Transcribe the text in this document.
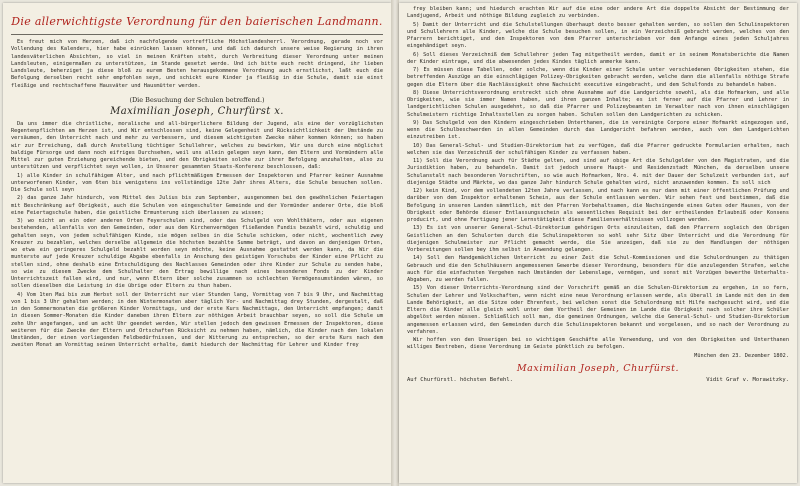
Die allerwichtigste Verordnung für den baierischen Landmann.

Es freut mich von Herzen, daß ich nachfolgende vortreffliche Höchstlandesherrl. Verordnung, gerade noch vor Vollendung des Kalenders, hier habe einrücken lassen können, und daß ich dadurch unsere weise Regierung in ihren landesväterlichen Absichten, so viel in meinen Kräften steht, durch Verbreitung dieser Verordnung unter meinen Landsleuten, einigermaßen zu unterstützen, im Stande gesetzt werde. Und ich bitte euch recht dringend, ihr lieben Landsleute, beherziget ja diese bloß zu eurem Besten herausgekommene Verordnung auch ernstlichst, laßt euch die Befolgung derselben recht sehr empfohlen seyn, und schickt eure Kinder ja fleißig in die Schule, damit sie einst fleißige und rechtschaffene Hausväter und Hausmütter werden.

(Die Besuchung der Schulen betreffend.)
Maximilian Joseph, Churfürst x.

Da uns immer die christliche, moralische und all-bürgerlichere Bildung der Jugend, als eine der vorzüglichsten Regentenpflichten am Herzen ist, und Wir entschlossen sind, keine Gelegenheit und Rücksichtlichkeit der Umstände zu versäumen, den Unterricht nach und mehr zu verbessern, und diesem wichtigsten Zwecke näher kommen können; so haben wir zur Erreichung, daß durch Anstellung tüchtiger Schullehrer, welches zu bewirken, Wir uns durch eine möglichst baldige Fürsorge und dann noch eifriges Durchsehen, weil uns allein gelegen seyn kann, den Eltern und Vormündern alle Mittel zur guten Erziehung gereichende bieten, und den Obrigkeiten solche zur ihrer Befolgung anzuhalten, also zu unterstützen und verpflichtet seyn wollen, in Unserer gesammten Staats-Konferenz beschlossen, daß:

1) alle Kinder in schulfähigem Alter, und nach pflichtmäßigem Ermessen der Inspektoren und Pfarrer keiner Ausnahme unterworfenen Kinder, vom 6ten bis wenigstens ins vollständige 12te Jahr ihres Alters, die Schule besuchen sollen. Die Schule soll seyn

2) das ganze Jahr hindurch, vom Mittel des Julius bis zum September, ausgenommen bei den gewöhnlichen Feiertagen mit Beschränkung auf Obrigkeit, auch die Schulen von eingeschulter Gemeinde und der Vormünder anderer Orte, die bloß eine Feiertagschule haben, die geistliche Ermunterung sich überlassen zu wissen;

3) wo nicht an ein oder anderen Orten Feyerschulen sind, oder das Schulgeld von Wohlthätern, oder aus eigenen bestehenden, allenfalls von den Gemeinden, oder aus dem Kirchenvermögen fließenden Fundis bezahlt wird, schuldig und gehalten seyn, von jedem schulfähigen Kinde, sie mögen selbes in die Schule schicken, oder nicht, wochentlich zwey Kreuzer zu bezahlen, welches derselbe allgemein die höchsten bezahlte Summe beträgt, und davon an denjenigen Orten, wo etwa ein geringeres Schulgeld bezahlt worden seyn möchte, keine Ausnahme gestattet werden kann, da Wir die munterste auf jede Kreuzer schuldige Abgabe ebenfalls in Anschung des geistigen Vorschubs der Kinder eine Pflicht zu stellen sind, ohne deshalb eine Entschuldigung des Nachlasses Gemeinden oder ihre Kinder zur Schule zu senden habe, so wie zu diesem Zwecke dem Schulhalter den Ertrag bewillige nach eines besonderen Fonds zu der Kinder Unterrichtszeit fallen wird, und nur, wenn Eltern über solche zusammen so schlechten Vermögensumständen wären, so sollen dieselben die Leistung in die übrige oder Eltern zu thun haben.

4) Vom 1ten Mai bis zum Herbst soll der Unterricht nur vier Stunden lang, Vormittag von 7 bis 9 Uhr, und Nachmittag von 1 bis 3 Uhr gehalten werden; in den Wintermonaten aber täglich Vor- und Nachmittag drey Stunden, dergestalt, daß in den Sommermonaten die größeren Kinder Vormittags, und der erste Kurs Nachmittags, den Unterricht empfangen; damit in diesen Sommer-Monaten die Kinder daneben ihren Eltern zur nöthigen Arbeit brauchbar seyen, so soll die Schule um zehn Uhr angefangen, und um acht Uhr geendet werden, Wir stellen jedoch dem gewissen Ermessen der Inspektoren, diese weiteren für die Zwecke der Eltern und Ortschaften Rücksicht zu nehmen haben, nämlich, die Kinder nach den lokalen Umständen, der einen vorliegenden Feldbedürfnissen, und der Witterung zu entsprechen, so der erste Kurs nach dem zweiten Monat am Vormittag seinen Unterricht erhalte, damit hiedurch der Nachmittag für Lehrer und Kinder frey

frey bleiben kann; und hiedurch erachten Wir auf die eine oder andere Art die doppelte Absicht der Bestimmung der Landjugend, Arbeit und nöthige Bildung zugleich zu verbinden.

5) Damit der Unterricht und die Schulstellungen überhaupt desto besser gehalten werden, so sollen den Schulinspektoren und Schullehrern alle Kinder, welche die Schule besuchen sollen, in ein Verzeichniß gebracht werden, welches von den Pfarrern berichtiget, und den Inspektoren von dem Pfarrer unterschrieben vor dem Anfange eines jeden Schuljahres eingehändiget seyn.

6) Soll dieses Verzeichniß dem Schullehrer jeden Tag mitgetheilt werden, damit er in seinem Monatsberichte die Namen der Kinder eintrage, und die abwesenden jedes Kindes täglich anmerke kann.

7) Es müssen diese Tabellen, oder solche, wenn die Kinder einer Schule unter verschiedenen Obrigkeiten stehen, die betreffenden Auszüge an die einschlägigen Polizey-Obrigkeiten gebracht werden, welche dann die allenfalls nöthige Strafe gegen die Eltern über die Nachlässigkeit ohne Nachsicht executive eingebracht, und dem Schulfonds zu behandeln haben.

8) Diese Unterrichtsverordnung erstreckt sich ohne Ausnahme auf die Landgerichte sowohl, als die Hofmarken, und alle Obrigkeiten, wie sie immer Namen haben, und ihren ganzen Inhalte; es ist ferner auf die Pfarrer und Lehrer in landgerichtlichen Schulen ausgedehnt, so daß die Pfarrer und Polizeybeamten im Verwalter nach von ihnen einschlägigen Schulmeistern richtige Inhaltsstellen zu sorgen haben. Schulen sollen den Landgerichten zu schicken.

9) Das Schulgeld von den Kindern eingeschrieben Unterthanen, die in vereinigte Corpore einer Hofmarkt eingezogen und, wenn die Schulbeschwerden in allen Gemeinden durch das Landgericht befahren werden, auch von den Landgerichten einzutreiben ist.

10) Das General-Schul- und Studien-Direktorium hat zu verfügen, daß die Pfarrer gedruckte Formularien erhalten, nach welchen sie das Verzeichniß der schulfähigen Kinder zu verfassen haben.

11) Soll die Verordnung auch für Städte gelten, und sind auf obige Art die Schulgelder von den Magistraten, und die Jurisdiktion haben, zu behandeln. Damit ist jedoch unsere Haupt- und Residenzstadt München, da derselben unsere Schulanstalt nach besonderen Vorschriften, so wie auch Hofmarken, Nro. 4. mit der Dauer der Schulzeit verbunden ist, auf diejenige Städte und Märkte, wo das ganze Jahr hindurch Schule gehalten wird, nicht anzuwenden kommen. Es soll sich

12) kein Kind, vor dem vollendeten 12ten Jahre verlassen, und nach kann es nur dann mit einer öffentlichen Prüfung und darüber von dem Inspektor erhaltenen Schein, aus der Schule entlassen werden. Wir sehen fest und bestimmen, daß die Befolgung in unseren Landen sämmtlich, mit den Pfarren Vorbehaltsamen, die Nachsingende eines Gutes oder Hauses, von der Obrigkeit oder Behörde dieser Entlassungsschein als wesentliches Requisit bei der ertheilenden Erlaubniß oder Konsens producirt, und ohne Fertigung jener Lernstätigkeit diese Familienverhältnissen vollzogen werden.

13) Es ist von unserer General-Schul-Direktorium gehörigen Orts einzuleiten, daß den Pfarrern sogleich den übrigen Geistlichen an den Schulorten durch die Schulinspektoren so wohl sehr Sitz über Unterricht und die Verordnung für diejenigen Schulmeister zur Pflicht gemacht werde, die Sie anzeigen, daß sie zu den Handlungen der nöthigen Vorbereitungen sollen bey ihm selbst in Anwendung gelangen.

14) Soll den Handgemächlichen Unterricht zu einer Zeit die Schul-Kommissionen und die Schulordnungen zu thätigen Gebrauch und die den Schulhäusern angemessenen Gewerbe dieser Verordnung, besonders für die anzulegenden Strafen, welche auch für die einfachsten Vergehen nach Umständen der Lebenslage, vermögen, und sonst mit Vorzügen bewerthe Unterhalts-Abgaben, zu werden fallen.

15) Von dieser Unterrichts-Verordnung sind der Vorschrift gemäß an die Schulen-Direktorium zu ergehen, in so fern, Schulen der Lehrer und Volkschaften, wenn nicht eine neue Verordnung erlassen werde, als überall im Lande mit den in dem Lande Behörigkeit, an die Sitze oder Ehrenfest, bei welchen sonst die Schulordnung mit Hilfe nachgesucht wird, und die Eltern die Kinder alle gleich wohl unter dem Vortheil der Gemeinen im Lande die Obrigkeit nach solcher ihre Schüler abgelöst werden müssen. Schließlich soll man, die gemeinen Ordnungen, welche die General-Schul- und Studien-Direktorium angemessen erlassen wird, den Gemeinden durch die Schulinspektoren bekannt und vorgelesen, und so nach der Verordnung zu verfahren.

Wir hoffen von den Unserigen bei so wichtigem Geschäfte alle Verwendung, und von den Obrigkeiten und Unterthanen williges Bestreben, diese Verordnung im Geiste pünktlich zu befolgen.

München den 23. Dezember 1802.
Maximilian Joseph, Churfürst.
Auf Churfürstl. höchsten Befehl.	Vidit Graf v. Morawitzky.
